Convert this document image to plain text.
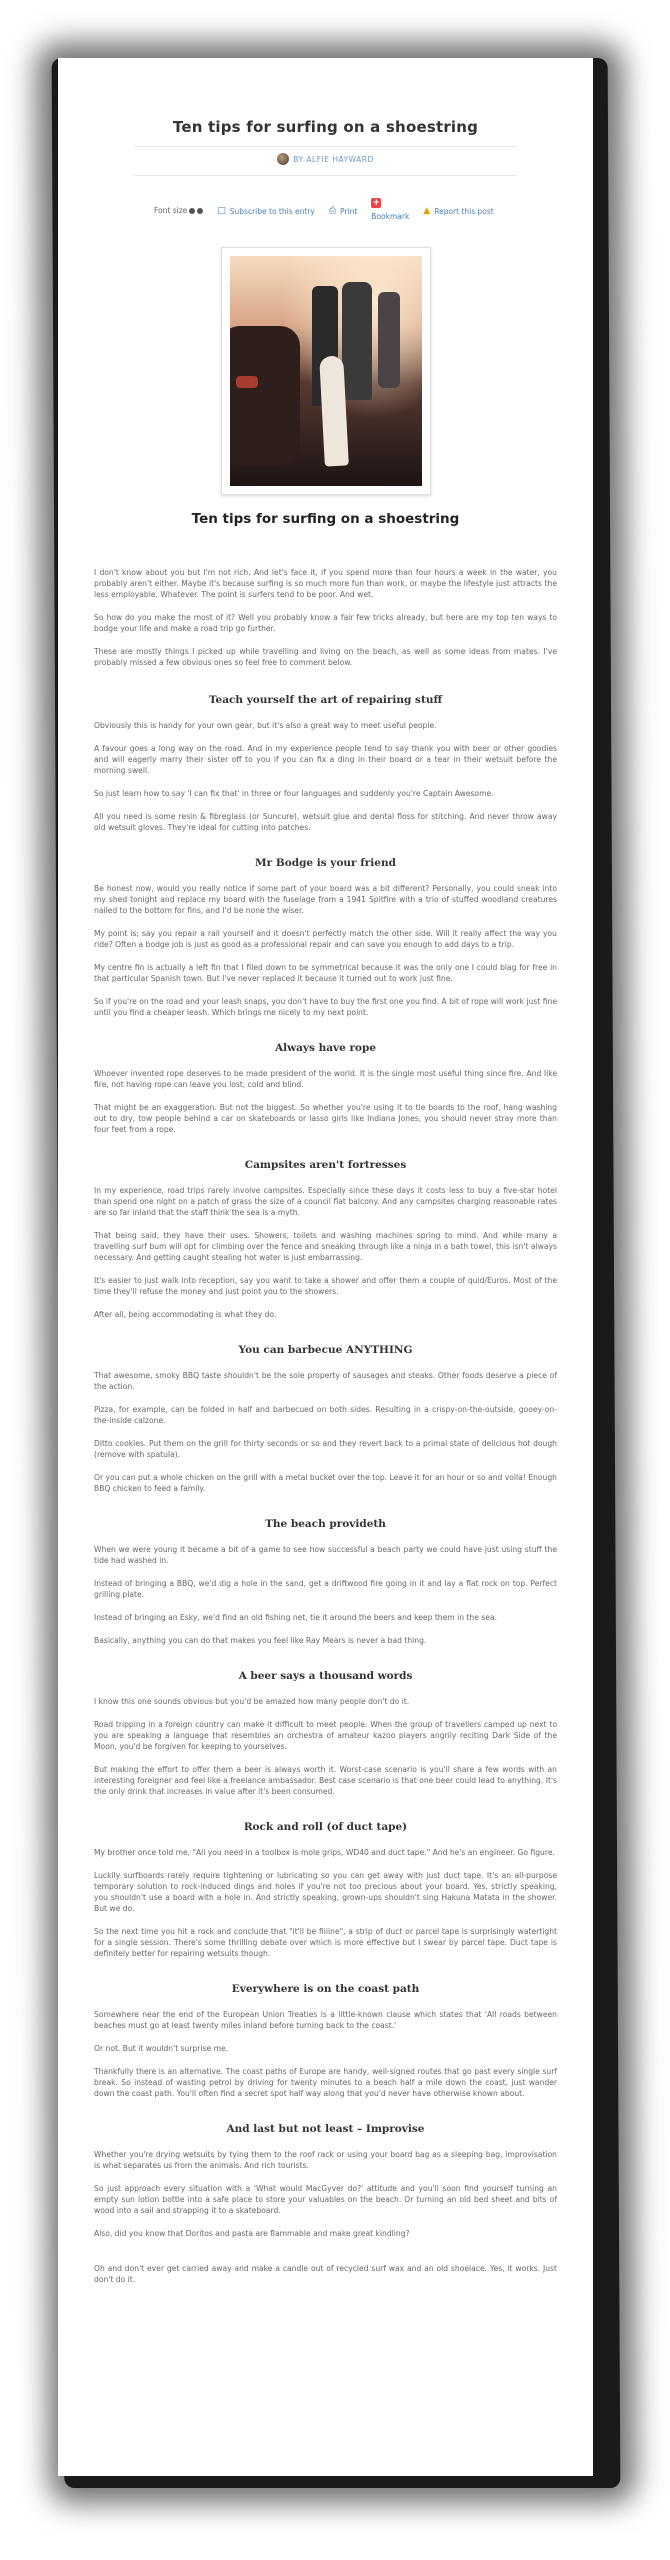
Ten tips for surfing on a shoestring
BY ALFIE HAYWARD
Font size	□ Subscribe to this entry ⎙ Print
+
Bookmark
▲ Report this post
Ten tips for surfing on a shoestring

I don't know about you but I'm not rich. And let's face it, if you spend more than four hours a week in the water, you probably aren't either. Maybe it's because surfing is so much more fun than work, or maybe the lifestyle just attracts the less employable. Whatever. The point is surfers tend to be poor. And wet.

So how do you make the most of it? Well you probably know a fair few tricks already, but here are my top ten ways to bodge your life and make a road trip go further.

These are mostly things I picked up while travelling and living on the beach, as well as some ideas from mates. I've probably missed a few obvious ones so feel free to comment below.

Teach yourself the art of repairing stuff

Obviously this is handy for your own gear, but it's also a great way to meet useful people.

A favour goes a long way on the road. And in my experience people tend to say thank you with beer or other goodies and will eagerly marry their sister off to you if you can fix a ding in their board or a tear in their wetsuit before the morning swell.

So just learn how to say 'I can fix that' in three or four languages and suddenly you're Captain Awesome.

All you need is some resin & fibreglass (or Suncure), wetsuit glue and dental floss for stitching. And never throw away old wetsuit gloves. They're ideal for cutting into patches.

Mr Bodge is your friend

Be honest now, would you really notice if some part of your board was a bit different? Personally, you could sneak into my shed tonight and replace my board with the fuselage from a 1941 Spitfire with a trio of stuffed woodland creatures nailed to the bottom for fins, and I'd be none the wiser.

My point is; say you repair a rail yourself and it doesn't perfectly match the other side. Will it really affect the way you ride? Often a bodge job is just as good as a professional repair and can save you enough to add days to a trip.

My centre fin is actually a left fin that I filed down to be symmetrical because it was the only one I could blag for free in that particular Spanish town. But I've never replaced it because it turned out to work just fine.

So if you're on the road and your leash snaps, you don't have to buy the first one you find. A bit of rope will work just fine until you find a cheaper leash. Which brings me nicely to my next point.

Always have rope

Whoever invented rope deserves to be made president of the world. It is the single most useful thing since fire. And like fire, not having rope can leave you lost, cold and blind.

That might be an exaggeration. But not the biggest. So whether you're using it to tie boards to the roof, hang washing out to dry, tow people behind a car on skateboards or lasso girls like Indiana Jones, you should never stray more than four feet from a rope.

Campsites aren't fortresses

In my experience, road trips rarely involve campsites. Especially since these days it costs less to buy a five-star hotel than spend one night on a patch of grass the size of a council flat balcony. And any campsites charging reasonable rates are so far inland that the staff think the sea is a myth.

That being said, they have their uses. Showers, toilets and washing machines spring to mind. And while many a travelling surf bum will opt for climbing over the fence and sneaking through like a ninja in a bath towel, this isn't always necessary. And getting caught stealing hot water is just embarrassing.

It's easier to just walk into reception, say you want to take a shower and offer them a couple of quid/Euros. Most of the time they'll refuse the money and just point you to the showers.

After all, being accommodating is what they do.

You can barbecue ANYTHING

That awesome, smoky BBQ taste shouldn't be the sole property of sausages and steaks. Other foods deserve a piece of the action.

Pizza, for example, can be folded in half and barbecued on both sides. Resulting in a crispy-on-the-outside, gooey-on-the-inside calzone.

Ditto cookies. Put them on the grill for thirty seconds or so and they revert back to a primal state of delicious hot dough (remove with spatula).

Or you can put a whole chicken on the grill with a metal bucket over the top. Leave it for an hour or so and voila! Enough BBQ chicken to feed a family.

The beach provideth

When we were young it became a bit of a game to see how successful a beach party we could have just using stuff the tide had washed in.

Instead of bringing a BBQ, we'd dig a hole in the sand, get a driftwood fire going in it and lay a flat rock on top. Perfect grilling plate.

Instead of bringing an Esky, we'd find an old fishing net, tie it around the beers and keep them in the sea.

Basically, anything you can do that makes you feel like Ray Mears is never a bad thing.

A beer says a thousand words

I know this one sounds obvious but you'd be amazed how many people don't do it.

Road tripping in a foreign country can make it difficult to meet people. When the group of travellers camped up next to you are speaking a language that resembles an orchestra of amateur kazoo players angrily reciting Dark Side of the Moon, you'd be forgiven for keeping to yourselves.

But making the effort to offer them a beer is always worth it. Worst-case scenario is you'll share a few words with an interesting foreigner and feel like a freelance ambassador. Best case scenario is that one beer could lead to anything. It's the only drink that increases in value after it's been consumed.

Rock and roll (of duct tape)

My brother once told me, "All you need in a toolbox is mole grips, WD40 and duct tape." And he's an engineer. Go figure.

Luckily surfboards rarely require tightening or lubricating so you can get away with just duct tape. It's an all-purpose temporary solution to rock-induced dings and holes if you're not too precious about your board. Yes, strictly speaking, you shouldn't use a board with a hole in. And strictly speaking, grown-ups shouldn't sing Hakuna Matata in the shower. But we do.

So the next time you hit a rock and conclude that "it'll be fiiiine", a strip of duct or parcel tape is surprisingly watertight for a single session. There's some thrilling debate over which is more effective but I swear by parcel tape. Duct tape is definitely better for repairing wetsuits though.

Everywhere is on the coast path

Somewhere near the end of the European Union Treaties is a little-known clause which states that 'All roads between beaches must go at least twenty miles inland before turning back to the coast.'

Or not. But it wouldn't surprise me.

Thankfully there is an alternative. The coast paths of Europe are handy, well-signed routes that go past every single surf break. So instead of wasting petrol by driving for twenty minutes to a beach half a mile down the coast, just wander down the coast path. You'll often find a secret spot half way along that you'd never have otherwise known about.

And last but not least – Improvise

Whether you're drying wetsuits by tying them to the roof rack or using your board bag as a sleeping bag, improvisation is what separates us from the animals. And rich tourists.

So just approach every situation with a 'What would MacGyver do?' attitude and you'll soon find yourself turning an empty sun lotion bottle into a safe place to store your valuables on the beach. Or turning an old bed sheet and bits of wood into a sail and strapping it to a skateboard.

Also, did you know that Doritos and pasta are flammable and make great kindling?

Oh and don't ever get carried away and make a candle out of recycled surf wax and an old shoelace. Yes, it works. Just don't do it.
